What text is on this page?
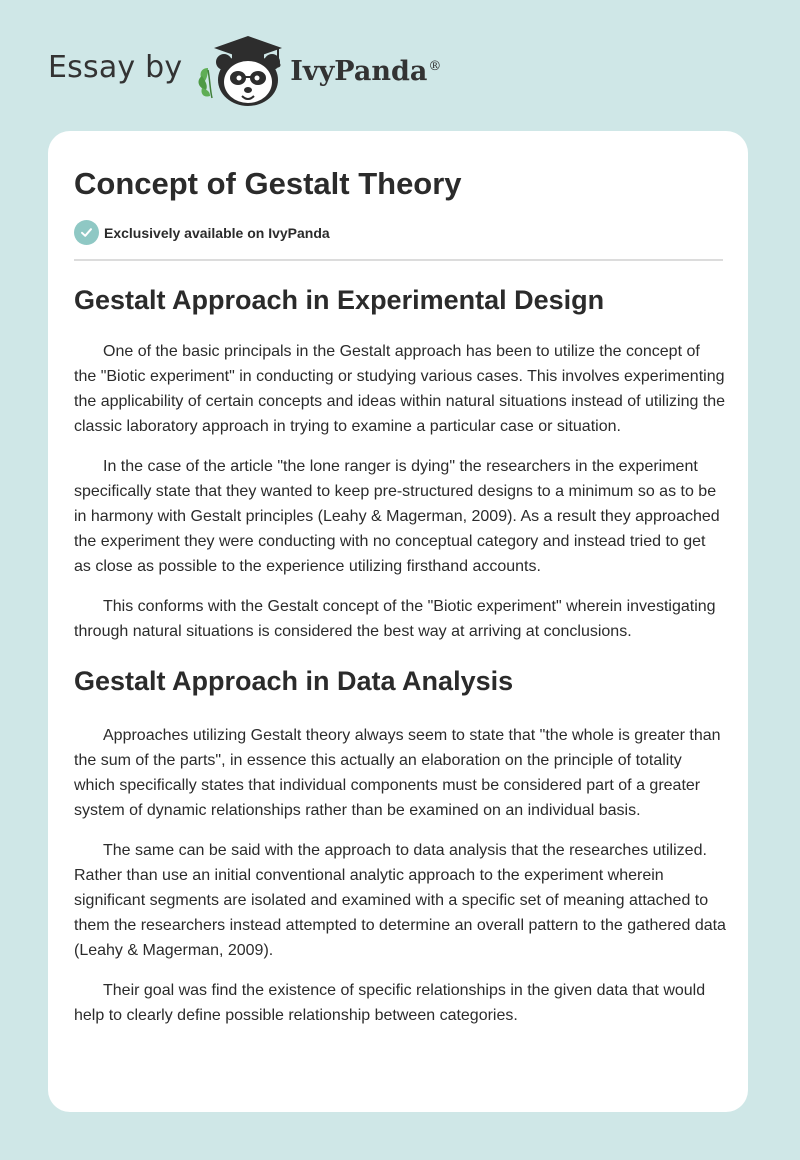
Essay by	IvyPanda®
Concept of Gestalt Theory
Exclusively available on IvyPanda
Gestalt Approach in Experimental Design

One of the basic principals in the Gestalt approach has been to utilize the concept of the "Biotic experiment" in conducting or studying various cases. This involves experimenting the applicability of certain concepts and ideas within natural situations instead of utilizing the classic laboratory approach in trying to examine a particular case or situation.

In the case of the article "the lone ranger is dying" the researchers in the experiment specifically state that they wanted to keep pre-structured designs to a minimum so as to be in harmony with Gestalt principles (Leahy & Magerman, 2009). As a result they approached the experiment they were conducting with no conceptual category and instead tried to get as close as possible to the experience utilizing firsthand accounts.

This conforms with the Gestalt concept of the "Biotic experiment" wherein investigating through natural situations is considered the best way at arriving at conclusions.

Gestalt Approach in Data Analysis

Approaches utilizing Gestalt theory always seem to state that "the whole is greater than the sum of the parts", in essence this actually an elaboration on the principle of totality which specifically states that individual components must be considered part of a greater system of dynamic relationships rather than be examined on an individual basis.

The same can be said with the approach to data analysis that the researches utilized. Rather than use an initial conventional analytic approach to the experiment wherein significant segments are isolated and examined with a specific set of meaning attached to them the researchers instead attempted to determine an overall pattern to the gathered data (Leahy & Magerman, 2009).

Their goal was find the existence of specific relationships in the given data that would help to clearly define possible relationship between categories.
